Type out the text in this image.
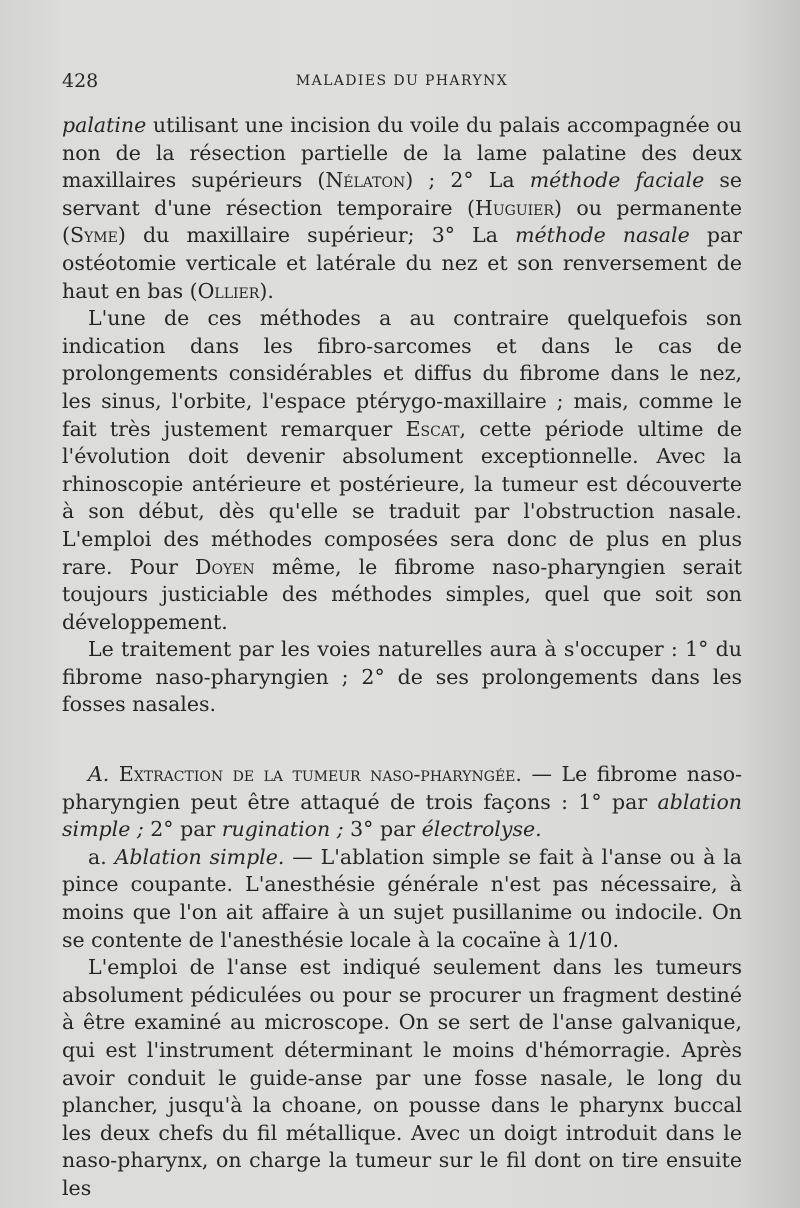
428	MALADIES DU PHARYNX

palatine utilisant une incision du voile du palais accompagnée ou non de la résection partielle de la lame palatine des deux maxillaires supérieurs (Nélaton) ; 2° La méthode faciale se servant d'une résection temporaire (Huguier) ou permanente (Syme) du maxillaire supérieur; 3° La méthode nasale par ostéotomie verticale et latérale du nez et son renversement de haut en bas (Ollier).

L'une de ces méthodes a au contraire quelquefois son indication dans les fibro-sarcomes et dans le cas de prolongements considérables et diffus du fibrome dans le nez, les sinus, l'orbite, l'espace ptérygo-maxillaire ; mais, comme le fait très justement remarquer Escat, cette période ultime de l'évolution doit devenir absolument exceptionnelle. Avec la rhinoscopie antérieure et postérieure, la tumeur est découverte à son début, dès qu'elle se traduit par l'obstruction nasale. L'emploi des méthodes composées sera donc de plus en plus rare. Pour Doyen même, le fibrome naso-pharyngien serait toujours justiciable des méthodes simples, quel que soit son développement.

Le traitement par les voies naturelles aura à s'occuper : 1° du fibrome naso-pharyngien ; 2° de ses prolongements dans les fosses nasales.

A. Extraction de la tumeur naso-pharyngée. — Le fibrome naso-pharyngien peut être attaqué de trois façons : 1° par ablation simple ; 2° par rugination ; 3° par électrolyse.

a. Ablation simple. — L'ablation simple se fait à l'anse ou à la pince coupante. L'anesthésie générale n'est pas nécessaire, à moins que l'on ait affaire à un sujet pusillanime ou indocile. On se contente de l'anesthésie locale à la cocaïne à 1/10.

L'emploi de l'anse est indiqué seulement dans les tumeurs absolument pédiculées ou pour se procurer un fragment destiné à être examiné au microscope. On se sert de l'anse galvanique, qui est l'instrument déterminant le moins d'hémorragie. Après avoir conduit le guide-anse par une fosse nasale, le long du plancher, jusqu'à la choane, on pousse dans le pharynx buccal les deux chefs du fil métallique. Avec un doigt introduit dans le naso-pharynx, on charge la tumeur sur le fil dont on tire ensuite les
